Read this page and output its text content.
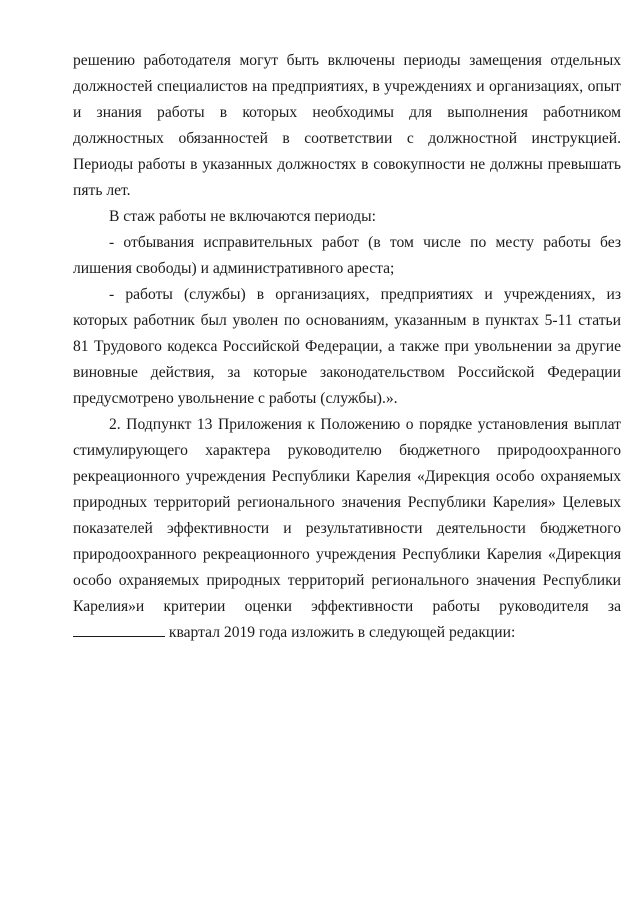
решению работодателя могут быть включены периоды замещения отдельных должностей специалистов на предприятиях, в учреждениях и организациях, опыт и знания работы в которых необходимы для выполнения работником должностных обязанностей в соответствии с должностной инструкцией. Периоды работы в указанных должностях в совокупности не должны превышать пять лет.

В стаж работы не включаются периоды:

- отбывания исправительных работ (в том числе по месту работы без лишения свободы) и административного ареста;

- работы (службы) в организациях, предприятиях и учреждениях, из которых работник был уволен по основаниям, указанным в пунктах 5-11 статьи 81 Трудового кодекса Российской Федерации, а также при увольнении за другие виновные действия, за которые законодательством Российской Федерации предусмотрено увольнение с работы (службы).».

2. Подпункт 13 Приложения к Положению о порядке установления выплат стимулирующего характера руководителю бюджетного природоохранного рекреационного учреждения Республики Карелия «Дирекция особо охраняемых природных территорий регионального значения Республики Карелия» Целевых показателей эффективности и результативности деятельности бюджетного природоохранного рекреационного учреждения Республики Карелия «Дирекция особо охраняемых природных территорий регионального значения Республики Карелия»и критерии оценки эффективности работы руководителя за  квартал 2019 года изложить в следующей редакции:
